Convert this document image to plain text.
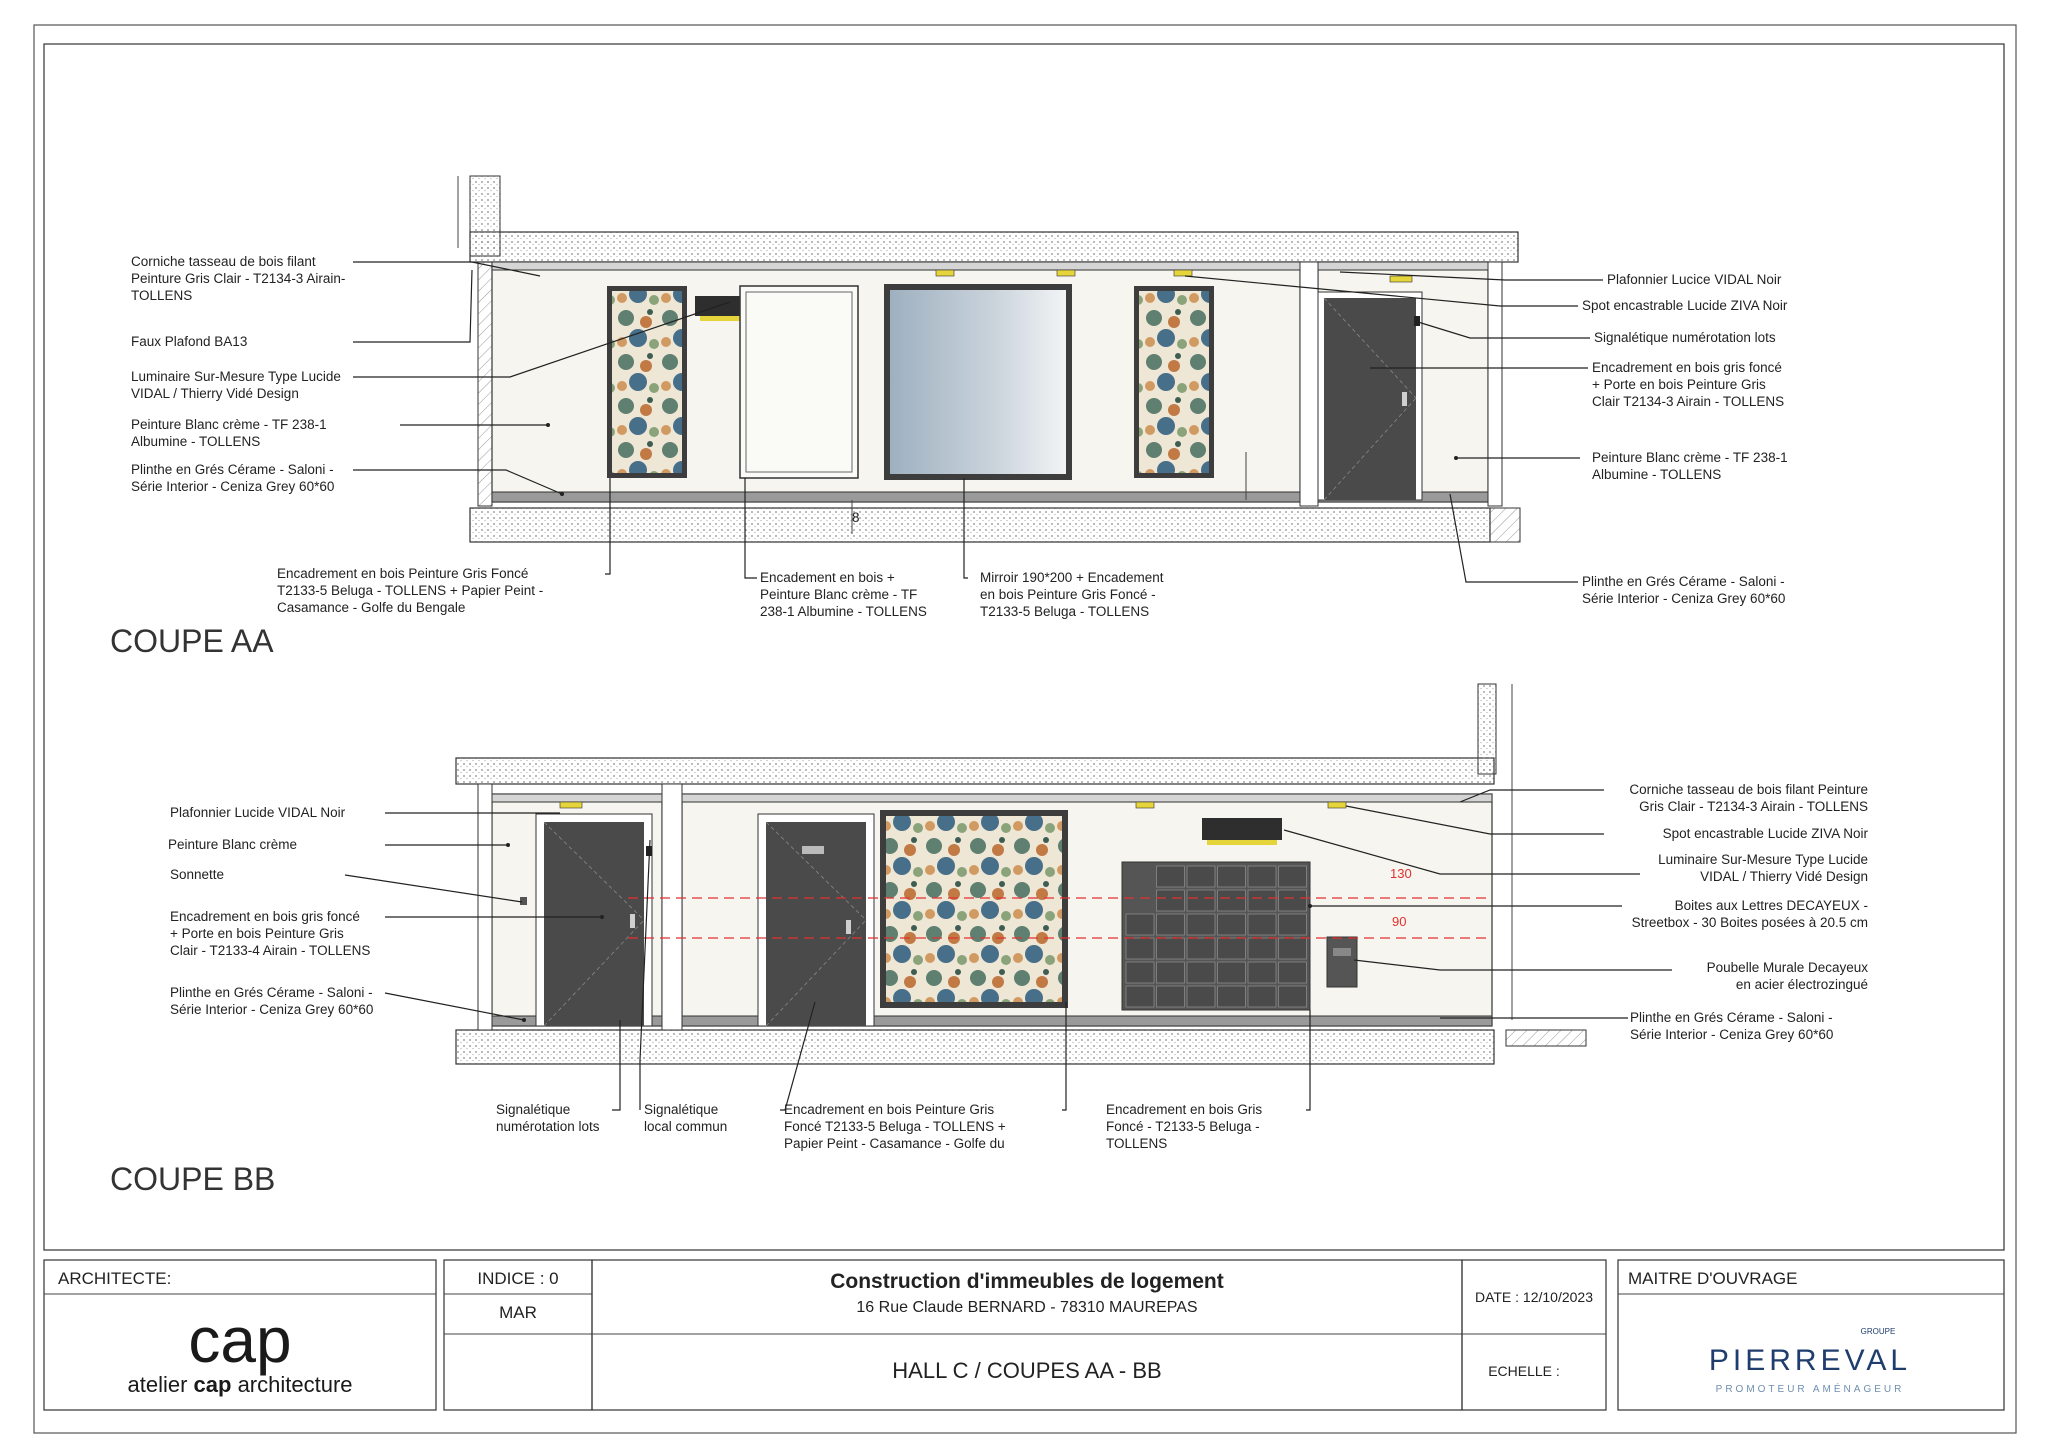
8
Corniche tasseau de bois filant Peinture Gris Clair - T2134-3 Airain-TOLLENS
Faux Plafond BA13
Luminaire Sur-Mesure Type Lucide VIDAL / Thierry Vidé Design
Peinture Blanc crème - TF 238-1 Albumine - TOLLENS
Plinthe en Grés Cérame - Saloni -Série Interior - Ceniza Grey 60*60
Plafonnier Lucice VIDAL Noir
Spot encastrable Lucide ZIVA Noir
Signalétique numérotation lots
Encadrement en bois gris foncé + Porte en bois Peinture Gris Clair T2134-3 Airain - TOLLENS
Peinture Blanc crème - TF 238-1 Albumine - TOLLENS
Encadrement en bois Peinture Gris Foncé T2133-5 Beluga - TOLLENS + Papier Peint -Casamance - Golfe du Bengale
Encadement en bois + Peinture Blanc crème - TF 238-1 Albumine - TOLLENS
Mirroir 190*200 + Encadement en bois Peinture Gris Foncé -T2133-5 Beluga - TOLLENS
Plinthe en Grés Cérame - Saloni -Série Interior - Ceniza Grey 60*60
COUPE AA
130
90
Plafonnier Lucide VIDAL Noir
Peinture Blanc crème
Sonnette
Encadrement en bois gris foncé + Porte en bois Peinture Gris Clair - T2133-4 Airain - TOLLENS
Plinthe en Grés Cérame - Saloni -Série Interior - Ceniza Grey 60*60
Corniche tasseau de bois filant Peinture Gris Clair - T2134-3 Airain - TOLLENS
Spot encastrable Lucide ZIVA Noir
Luminaire Sur-Mesure Type Lucide VIDAL / Thierry Vidé Design
Boites aux Lettres DECAYEUX -Streetbox - 30 Boites posées à 20.5 cm
Poubelle Murale Decayeux en acier électrozingué
Plinthe en Grés Cérame - Saloni -Série Interior - Ceniza Grey 60*60
Signalétique numérotation lots
Signalétique local commun
Encadrement en bois Peinture Gris Foncé T2133-5 Beluga - TOLLENS + Papier Peint - Casamance - Golfe du
Encadrement en bois Gris Foncé - T2133-5 Beluga -TOLLENS
COUPE BB
ARCHITECTE:
cap
atelier cap architecture
INDICE : 0
MAR
Construction d'immeubles de logement
16 Rue Claude BERNARD - 78310 MAUREPAS
HALL C / COUPES AA - BB
DATE : 12/10/2023
ECHELLE :
MAITRE D'OUVRAGE
GROUPE
PIERREVAL
PROMOTEUR AMÉNAGEUR
